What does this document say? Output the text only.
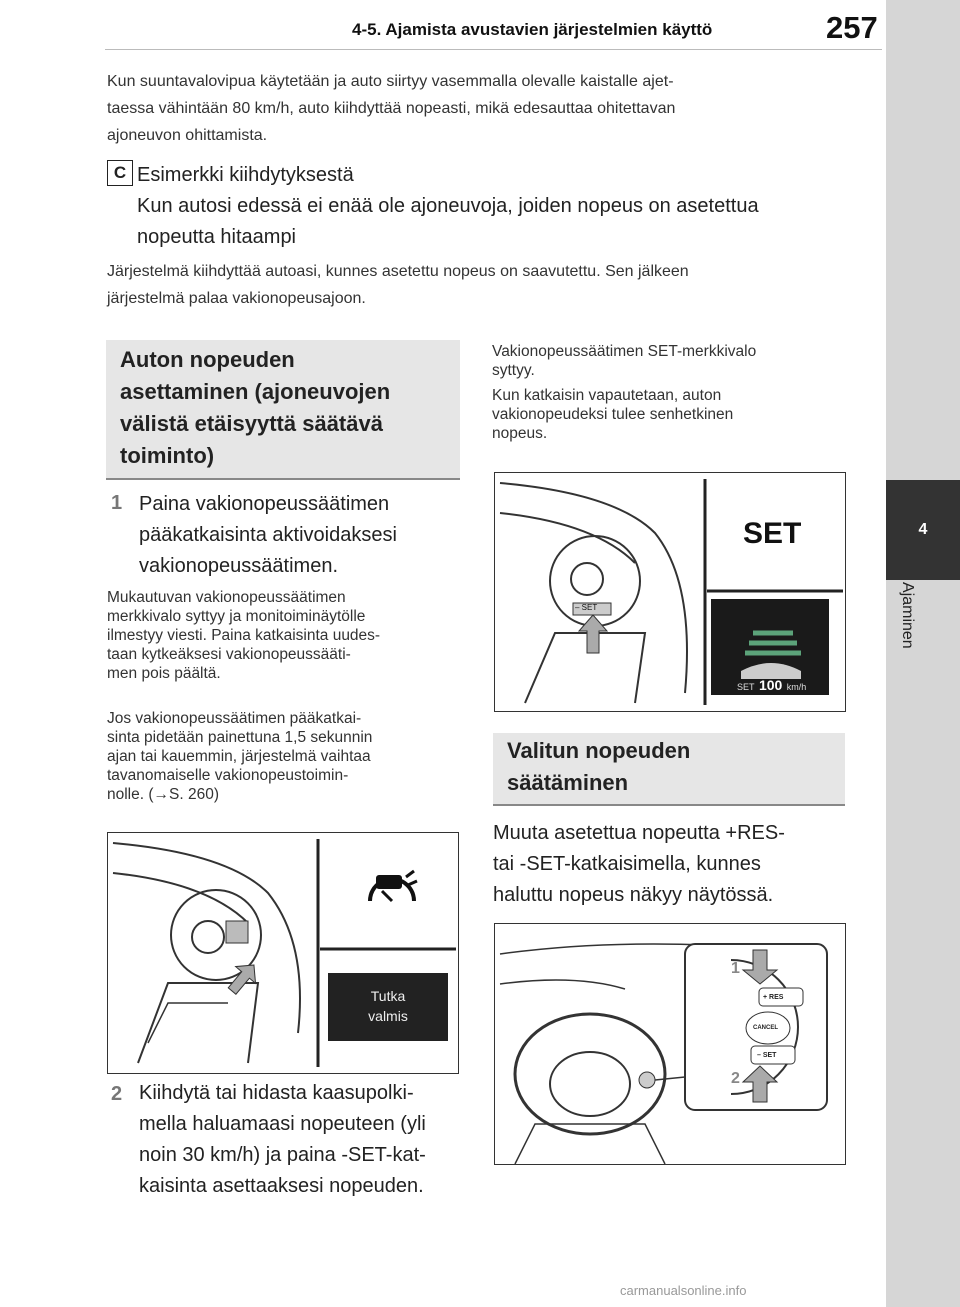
4-5. Ajamista avustavien järjestelmien käyttö	257
4
Ajaminen
Kun suuntavalovipua käytetään ja auto siirtyy vasemmalla olevalle kaistalle ajet-
taessa vähintään 80 km/h, auto kiihdyttää nopeasti, mikä edesauttaa ohitettavan
ajoneuvon ohittamista.
C Esimerkki kiihdytyksestä
Kun autosi edessä ei enää ole ajoneuvoja, joiden nopeus on asetettua
nopeutta hitaampi
Järjestelmä kiihdyttää autoasi, kunnes asetettu nopeus on saavutettu. Sen jälkeen
järjestelmä palaa vakionopeusajoon.
Auton nopeuden
asettaminen (ajoneuvojen
välistä etäisyyttä säätävä
toiminto)
1 Paina vakionopeussäätimen
pääkatkaisinta aktivoidaksesi
vakionopeussäätimen.
Mukautuvan vakionopeussäätimen
merkkivalo syttyy ja monitoiminäytölle
ilmestyy viesti. Paina katkaisinta uudes-
taan kytkeäksesi vakionopeussääti-
men pois päältä.
Jos vakionopeussäätimen pääkatkai-
sinta pidetään painettuna 1,5 sekunnin
ajan tai kauemmin, järjestelmä vaihtaa
tavanomaiselle vakionopeustoimin-
nolle. (→S. 260)
Tutka
valmis
2 Kiihdytä tai hidasta kaasupolki-
mella haluamaasi nopeuteen (yli
noin 30 km/h) ja paina -SET-kat-
kaisinta asettaaksesi nopeuden.
Vakionopeussäätimen SET-merkkivalo
syttyy.
Kun katkaisin vapautetaan, auton
vakionopeudeksi tulee senhetkinen
nopeus.
SET
– SET
SET 100 km/h
Valitun nopeuden
säätäminen
Muuta asetettua nopeutta +RES-
tai -SET-katkaisimella, kunnes
haluttu nopeus näkyy näytössä.
+ RES
CANCEL
– SET
1
2
carmanualsonline.info
